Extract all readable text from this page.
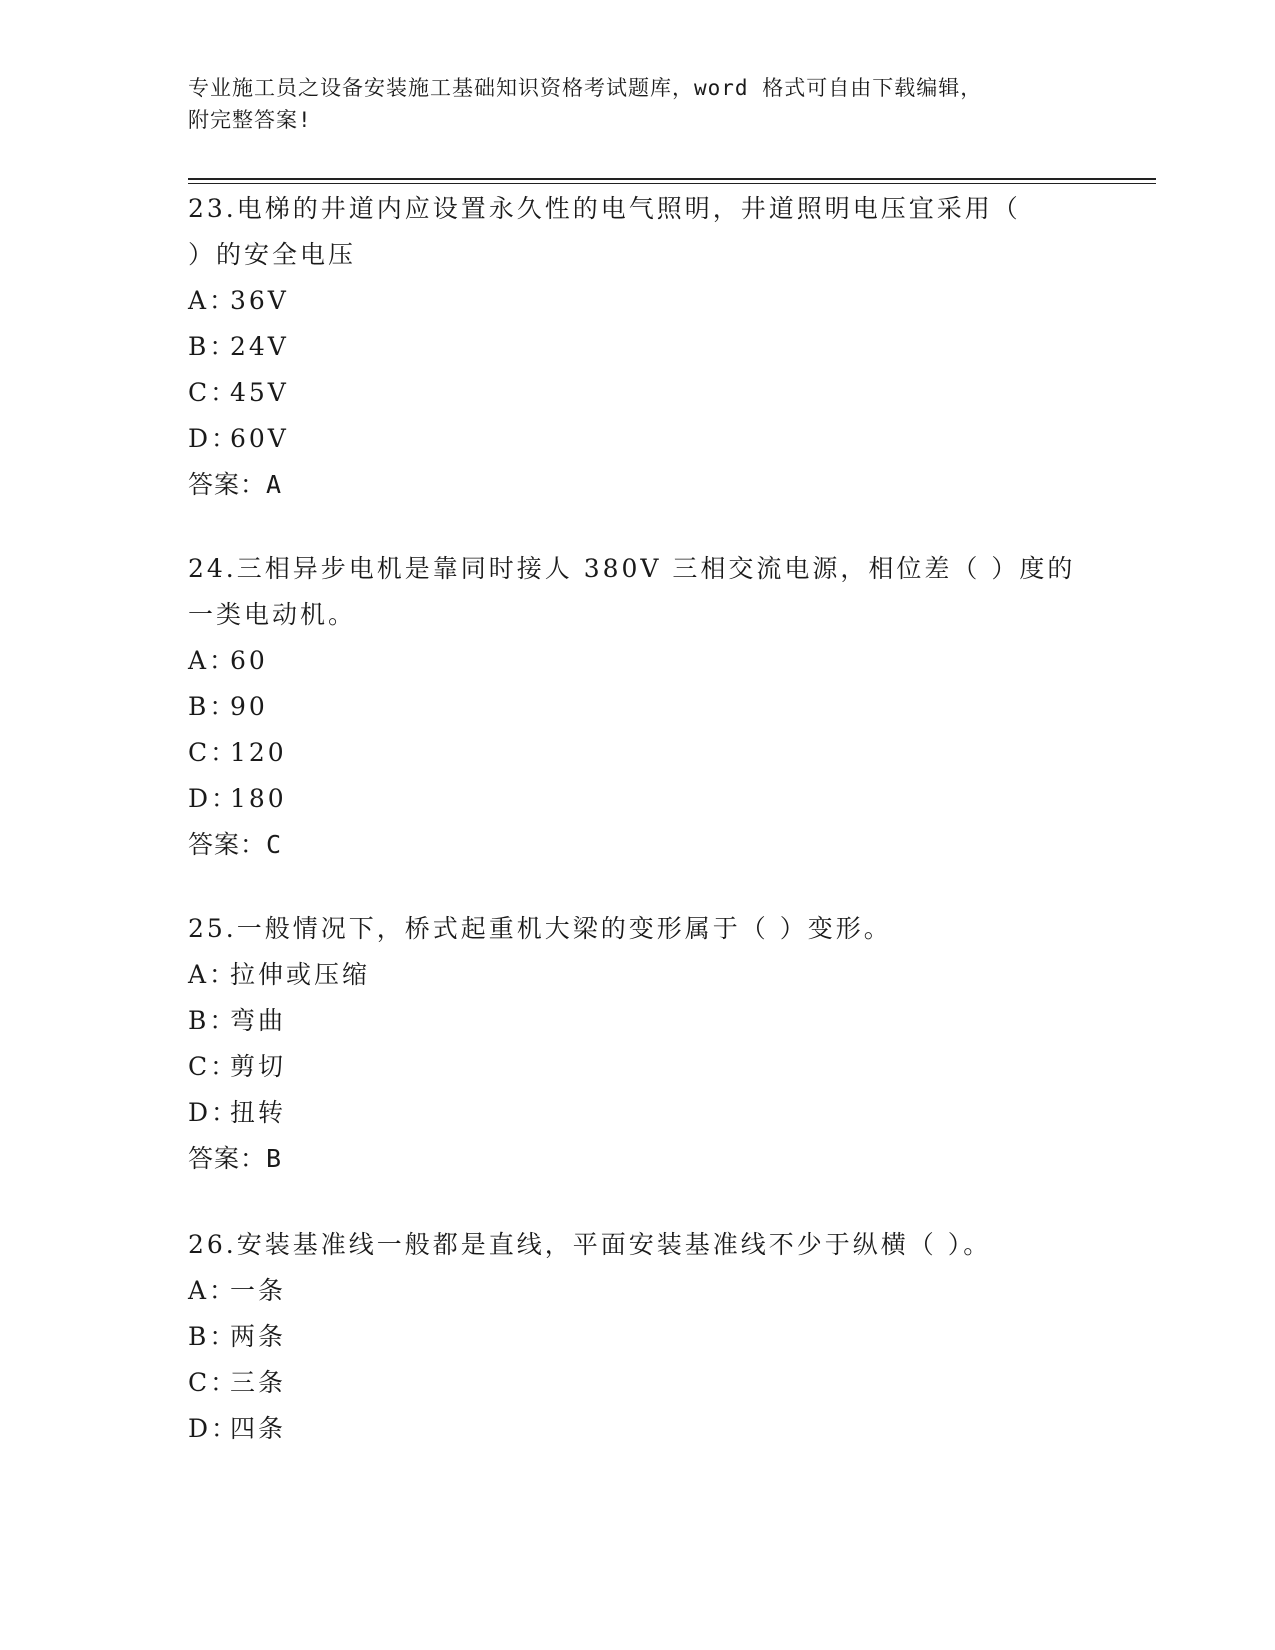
专业施工员之设备安装施工基础知识资格考试题库，word 格式可自由下载编辑，
附完整答案!

23.电梯的井道内应设置永久性的电气照明，井道照明电压宜采用（

）的安全电压

A：36V

B：24V

C：45V

D：60V

答案：A

24.三相异步电机是靠同时接人 380V 三相交流电源，相位差（ ）度的

一类电动机。

A：60

B：90

C：120

D：180

答案：C

25.一般情况下，桥式起重机大梁的变形属于（ ）变形。

A：拉伸或压缩

B：弯曲

C：剪切

D：扭转

答案：B

26.安装基准线一般都是直线，平面安装基准线不少于纵横（ ）。

A：一条

B：两条

C：三条

D：四条
